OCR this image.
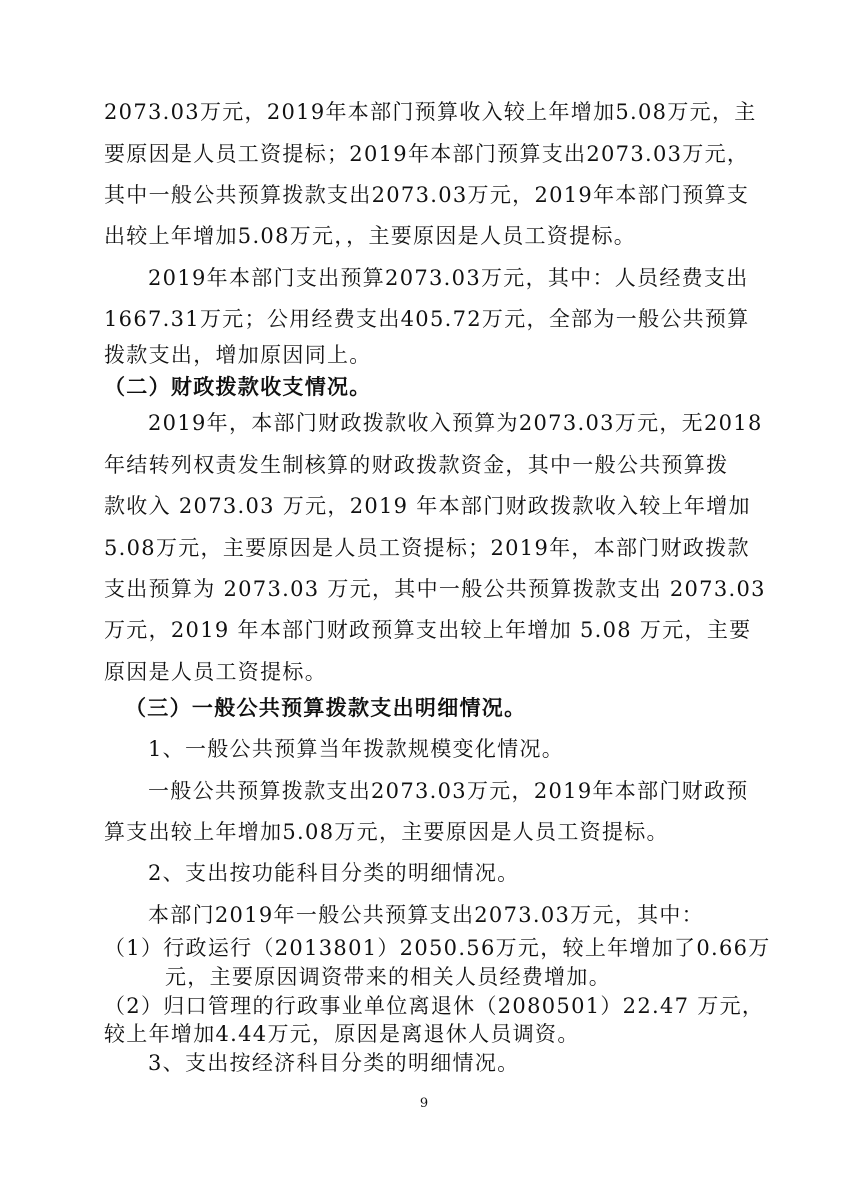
2073.03万元，2019年本部门预算收入较上年增加5.08万元，主
要原因是人员工资提标；2019年本部门预算支出2073.03万元，
其中一般公共预算拨款支出2073.03万元，2019年本部门预算支
出较上年增加5.08万元，，主要原因是人员工资提标。
2019年本部门支出预算2073.03万元，其中：人员经费支出
1667.31万元；公用经费支出405.72万元，全部为一般公共预算
拨款支出，增加原因同上。
（二）财政拨款收支情况。
2019年，本部门财政拨款收入预算为2073.03万元，无2018
年结转列权责发生制核算的财政拨款资金，其中一般公共预算拨
款收入 2073.03 万元，2019 年本部门财政拨款收入较上年增加
5.08万元，主要原因是人员工资提标；2019年，本部门财政拨款
支出预算为 2073.03 万元，其中一般公共预算拨款支出 2073.03
万元，2019 年本部门财政预算支出较上年增加 5.08 万元，主要
原因是人员工资提标。
（三）一般公共预算拨款支出明细情况。
1、一般公共预算当年拨款规模变化情况。
一般公共预算拨款支出2073.03万元，2019年本部门财政预
算支出较上年增加5.08万元，主要原因是人员工资提标。
2、支出按功能科目分类的明细情况。
本部门2019年一般公共预算支出2073.03万元，其中：
（1）行政运行（2013801）2050.56万元，较上年增加了0.66万
元，主要原因调资带来的相关人员经费增加。
（2）归口管理的行政事业单位离退休（2080501）22.47 万元，
较上年增加4.44万元，原因是离退休人员调资。
3、支出按经济科目分类的明细情况。
9
